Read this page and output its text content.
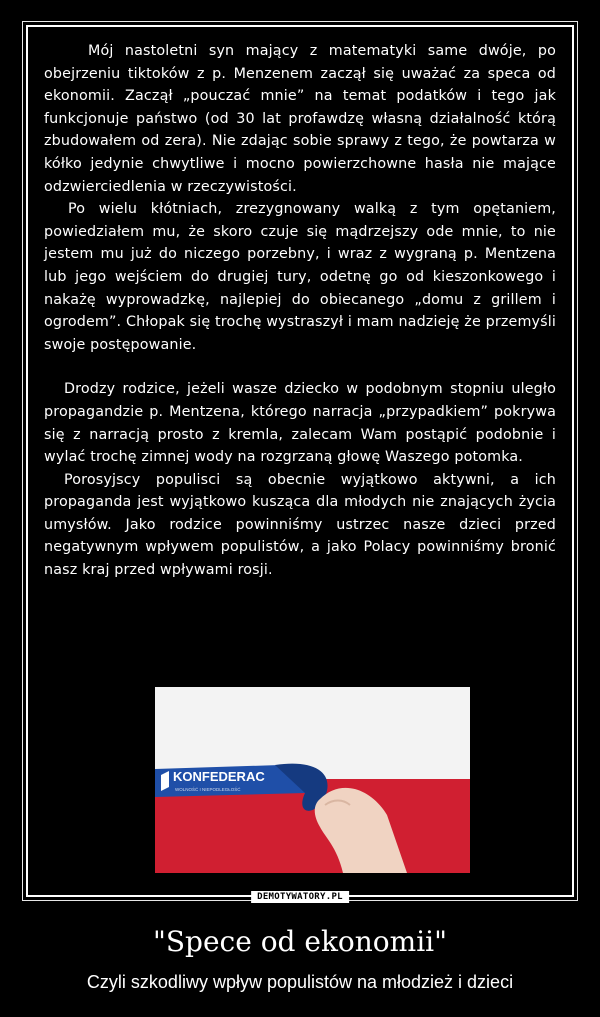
Mój nastoletni syn mający z matematyki same dwóje, po obejrzeniu tiktoków z p. Menzenem zaczął się uważać za speca od ekonomii. Zaczął „pouczać mnie” na temat podatków i tego jak funkcjonuje państwo (od 30 lat profawdzę własną działalność którą zbudowałem od zera). Nie zdając sobie sprawy z tego, że powtarza w kółko jedynie chwytliwe i mocno powierzchowne hasła nie mające odzwierciedlenia w rzeczywistości.

Po wielu kłótniach, zrezygnowany walką z tym opętaniem, powiedziałem mu, że skoro czuje się mądrzejszy ode mnie, to nie jestem mu już do niczego porzebny, i wraz z wygraną p. Mentzena lub jego wejściem do drugiej tury, odetnę go od kieszonkowego i nakażę wyprowadzkę, najlepiej do obiecanego „domu z grillem i ogrodem”. Chłopak się trochę wystraszył i mam nadzieję że przemyśli swoje postępowanie.

Drodzy rodzice, jeżeli wasze dziecko w podobnym stopniu uległo propagandzie p. Mentzena, którego narracja „przypadkiem” pokrywa się z narracją prosto z kremla, zalecam Wam postąpić podobnie i wylać trochę zimnej wody na rozgrzaną głowę Waszego potomka.

Porosyjscy populisci są obecnie wyjątkowo aktywni, a ich propaganda jest wyjątkowo kusząca dla młodych nie znających życia umysłów. Jako rodzice powinniśmy ustrzec nasze dzieci przed negatywnym wpływem populistów, a jako Polacy powinniśmy bronić nasz kraj przed wpływami rosji.

KONFEDERAC
WOLNOŚĆ I NIEPODLEGŁOŚĆ
DEMOTYWATORY.PL
"Spece od ekonomii"
Czyli szkodliwy wpływ populistów na młodzież i dzieci
